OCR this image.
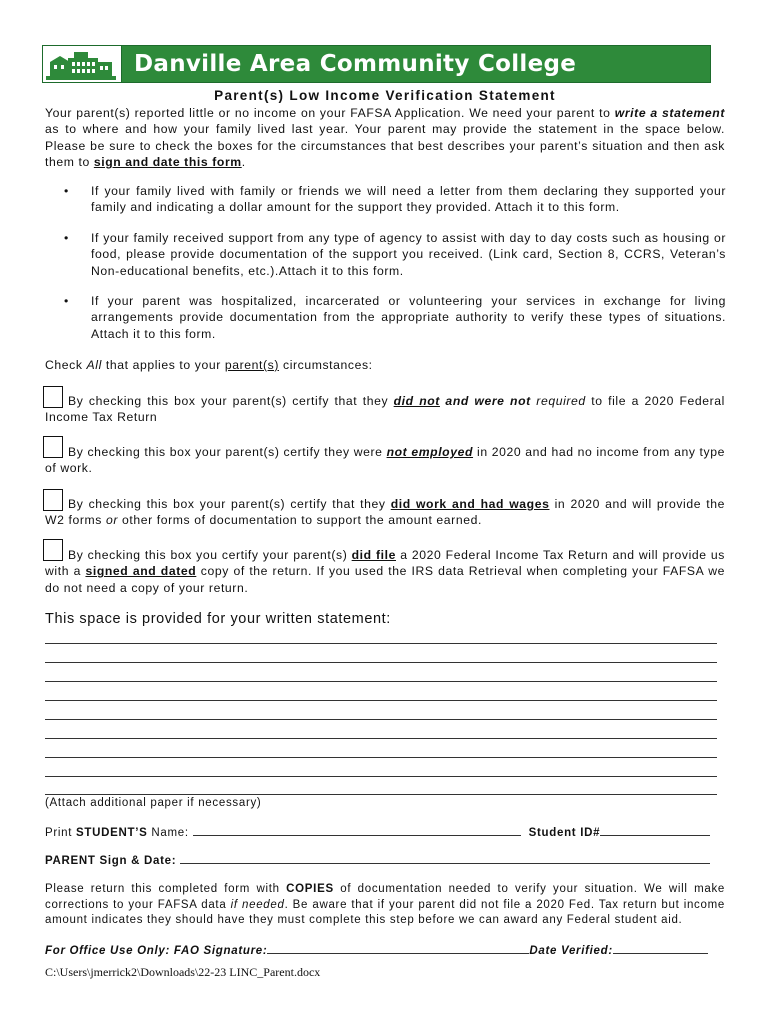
Danville Area Community College
Parent(s) Low Income Verification Statement
Your parent(s) reported little or no income on your FAFSA Application. We need your parent to write a statement as to where and how your family lived last year. Your parent may provide the statement in the space below. Please be sure to check the boxes for the circumstances that best describes your parent’s situation and then ask them to sign and date this form.
• If your family lived with family or friends we will need a letter from them declaring they supported your family and indicating a dollar amount for the support they provided. Attach it to this form.
• If your family received support from any type of agency to assist with day to day costs such as housing or food, please provide documentation of the support you received. (Link card, Section 8, CCRS, Veteran’s Non-educational benefits, etc.).Attach it to this form.
• If your parent was hospitalized, incarcerated or volunteering your services in exchange for living arrangements provide documentation from the appropriate authority to verify these types of situations. Attach it to this form.
Check All that applies to your parent(s) circumstances:
By checking this box your parent(s) certify that they did not and were not required to file a 2020 Federal Income Tax Return
By checking this box your parent(s) certify they were not employed in 2020 and had no income from any type of work.
By checking this box your parent(s) certify that they did work and had wages in 2020 and will provide the W2 forms or other forms of documentation to support the amount earned.
By checking this box you certify your parent(s) did file a 2020 Federal Income Tax Return and will provide us with a signed and dated copy of the return. If you used the IRS data Retrieval when completing your FAFSA we do not need a copy of your return.
This space is provided for your written statement:
(Attach additional paper if necessary)
Print STUDENT’S Name:	Student ID#
PARENT Sign & Date:
Please return this completed form with COPIES of documentation needed to verify your situation. We will make corrections to your FAFSA data if needed. Be aware that if your parent did not file a 2020 Fed. Tax return but income amount indicates they should have they must complete this step before we can award any Federal student aid.
For Office Use Only: FAO Signature:	Date Verified:
C:\Users\jmerrick2\Downloads\22-23 LINC_Parent.docx
